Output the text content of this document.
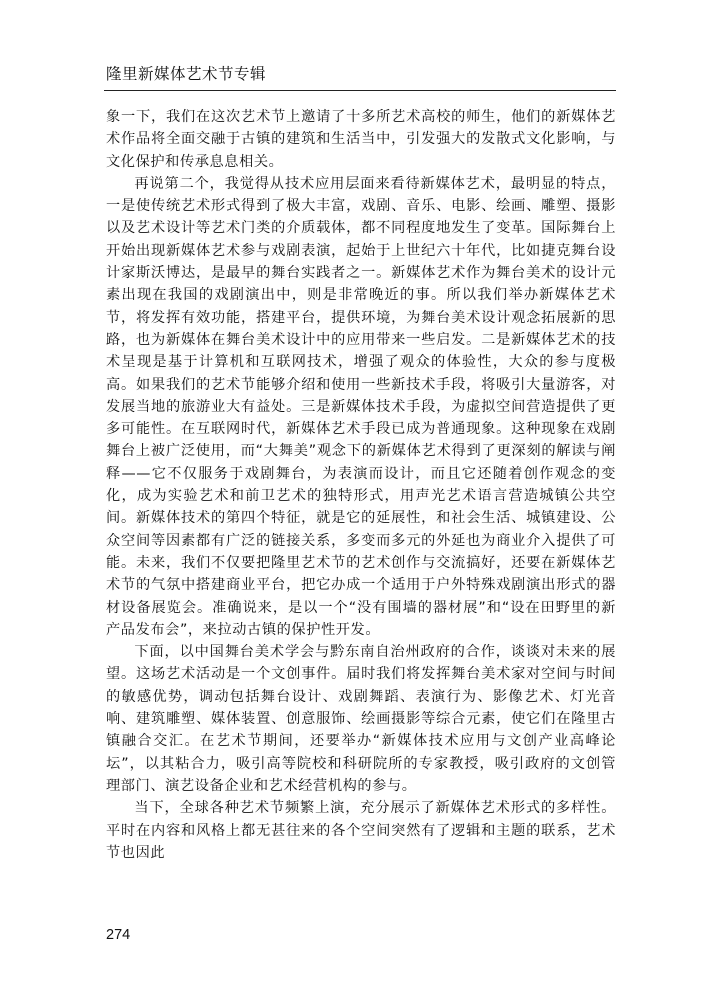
隆里新媒体艺术节专辑

象一下，我们在这次艺术节上邀请了十多所艺术高校的师生，他们的新媒体艺术作品将全面交融于古镇的建筑和生活当中，引发强大的发散式文化影响，与文化保护和传承息息相关。

再说第二个，我觉得从技术应用层面来看待新媒体艺术，最明显的特点，一是使传统艺术形式得到了极大丰富，戏剧、音乐、电影、绘画、雕塑、摄影以及艺术设计等艺术门类的介质载体，都不同程度地发生了变革。国际舞台上开始出现新媒体艺术参与戏剧表演，起始于上世纪六十年代，比如捷克舞台设计家斯沃博达，是最早的舞台实践者之一。新媒体艺术作为舞台美术的设计元素出现在我国的戏剧演出中，则是非常晚近的事。所以我们举办新媒体艺术节，将发挥有效功能，搭建平台，提供环境，为舞台美术设计观念拓展新的思路，也为新媒体在舞台美术设计中的应用带来一些启发。二是新媒体艺术的技术呈现是基于计算机和互联网技术，增强了观众的体验性，大众的参与度极高。如果我们的艺术节能够介绍和使用一些新技术手段，将吸引大量游客，对发展当地的旅游业大有益处。三是新媒体技术手段，为虚拟空间营造提供了更多可能性。在互联网时代，新媒体艺术手段已成为普通现象。这种现象在戏剧舞台上被广泛使用，而“大舞美”观念下的新媒体艺术得到了更深刻的解读与阐释——它不仅服务于戏剧舞台，为表演而设计，而且它还随着创作观念的变化，成为实验艺术和前卫艺术的独特形式，用声光艺术语言营造城镇公共空间。新媒体技术的第四个特征，就是它的延展性，和社会生活、城镇建设、公众空间等因素都有广泛的链接关系，多变而多元的外延也为商业介入提供了可能。未来，我们不仅要把隆里艺术节的艺术创作与交流搞好，还要在新媒体艺术节的气氛中搭建商业平台，把它办成一个适用于户外特殊戏剧演出形式的器材设备展览会。准确说来，是以一个“没有围墙的器材展”和“设在田野里的新产品发布会”，来拉动古镇的保护性开发。

下面，以中国舞台美术学会与黔东南自治州政府的合作，谈谈对未来的展望。这场艺术活动是一个文创事件。届时我们将发挥舞台美术家对空间与时间的敏感优势，调动包括舞台设计、戏剧舞蹈、表演行为、影像艺术、灯光音响、建筑雕塑、媒体装置、创意服饰、绘画摄影等综合元素，使它们在隆里古镇融合交汇。在艺术节期间，还要举办“新媒体技术应用与文创产业高峰论坛”，以其粘合力，吸引高等院校和科研院所的专家教授，吸引政府的文创管理部门、演艺设备企业和艺术经营机构的参与。

当下，全球各种艺术节频繁上演，充分展示了新媒体艺术形式的多样性。平时在内容和风格上都无甚往来的各个空间突然有了逻辑和主题的联系，艺术节也因此

274
